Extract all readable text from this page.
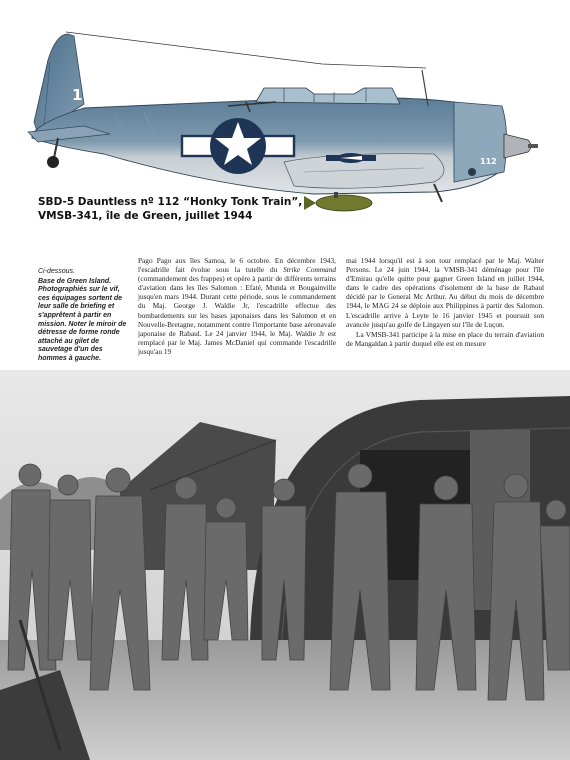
112
112
SBD-5 Dauntless nº 112 “Honky Tonk Train”,
VMSB-341, île de Green, juillet 1944
Ci-dessous.
Base de Green Island. Photographiés sur le vif, ces équipages sortent de leur salle de briefing et s'apprêtent à partir en mission. Noter le miroir de détresse de forme ronde attaché au gilet de sauvetage d'un des hommes à gauche.

Pago Pago aux îles Samoa, le 6 octobre. En décembre 1943, l'escadrille fait évolue sous la tutelle du Strike Command (commandement des frappes) et opère à partir de différents terrains d'aviation dans les îles Salomon : Efaté, Munda et Bougainville jusqu'en mars 1944. Durant cette période, sous le commandement du Maj. George J. Waldie Jr, l'escadrille effectue des bombardements sur les bases japonaises dans les Salomon et en Nouvelle-Bretagne, notamment contre l'importante base aéronavale japonaise de Rabaul. Le 24 janvier 1944, le Maj. Waldie Jr est remplacé par le Maj. James McDaniel qui commande l'escadrille jusqu'au 19

mai 1944 lorsqu'il est à son tour remplacé par le Maj. Walter Persons. Le 24 juin 1944, la VMSB-341 déménage pour l'île d'Emirau qu'elle quitte pour gagner Green Island en juillet 1944, dans le cadre des opérations d'isolement de la base de Rabaul décidé par le General Mc Arthur. Au début du mois de décembre 1944, le MAG 24 se déploie aux Philippines à partir des Salomon. L'escadrille arrive à Leyte le 16 janvier 1945 et poursuit son avancée jusqu'au golfe de Lingayen sur l'île de Luçon.

La VMSB-341 participe à la mise en place du terrain d'aviation de Mangaldan à partir duquel elle est en mesure
